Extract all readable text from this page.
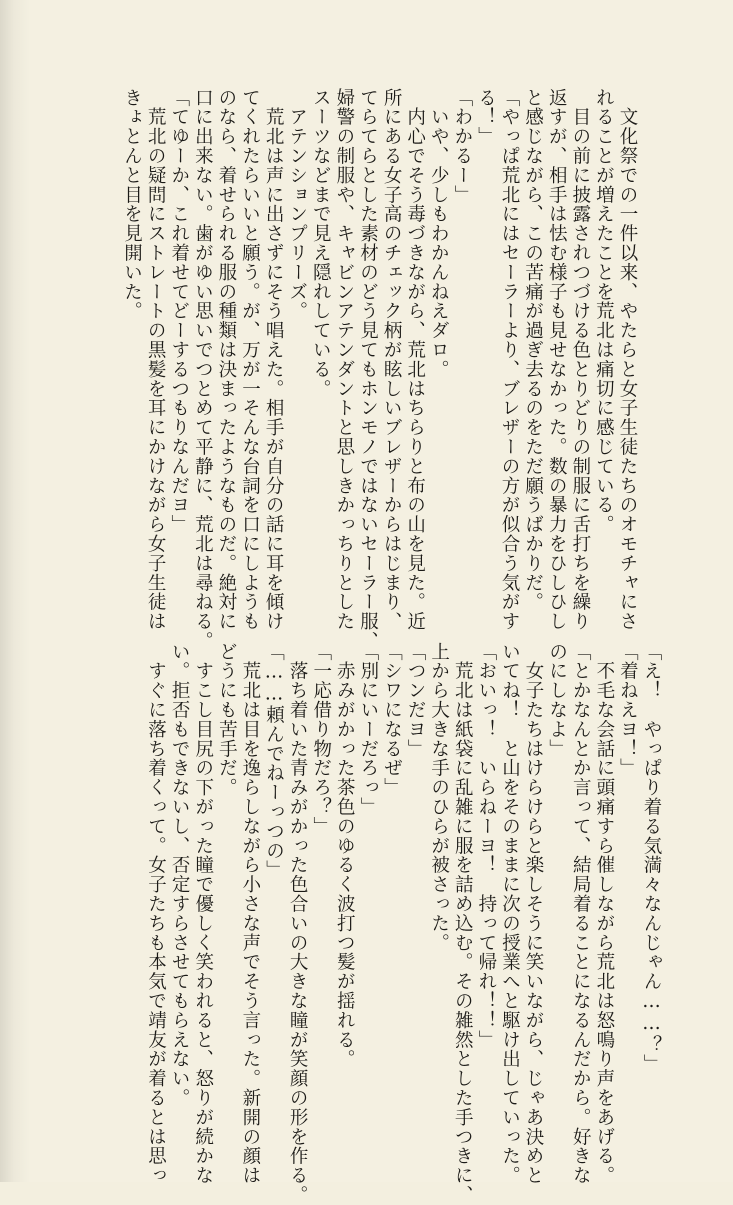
　文化祭での一件以来、やたらと女子生徒たちのオモチャにさ
れることが増えたことを荒北は痛切に感じている。
　目の前に披露されつづける色とりどりの制服に舌打ちを繰り
返すが、相手は怯む様子も見せなかった。数の暴力をひしひし
と感じながら、この苦痛が過ぎ去るのをただ願うばかりだ。
「やっぱ荒北にはセーラーより、ブレザーの方が似合う気がす
る！」
「わかるー」
　いや、少しもわかんねえダロ。
　内心でそう毒づきながら、荒北はちらりと布の山を見た。近
所にある女子高のチェック柄が眩しいブレザーからはじまり、
てらてらとした素材のどう見てもホンモノではないセーラー服、
婦警の制服や、キャビンアテンダントと思しきかっちりとした
スーツなどまで見え隠れしている。
　アテンションプリーズ。
　荒北は声に出さずにそう唱えた。相手が自分の話に耳を傾け
てくれたらいいと願う。が、万が一そんな台詞を口にしようも
のなら、着せられる服の種類は決まったようなものだ。絶対に
口に出来ない。歯がゆい思いでつとめて平静に、荒北は尋ねる。
「てゆーか、これ着せてどーするつもりなんだヨ」
　荒北の疑問にストレートの黒髪を耳にかけながら女子生徒は
きょとんと目を見開いた。
「え！　やっぱり着る気満々なんじゃん……？」
「着ねえヨ！」
　不毛な会話に頭痛すら催しながら荒北は怒鳴り声をあげる。
「とかなんとか言って、結局着ることになるんだから。好きな
のにしなよ」
　女子たちはけらけらと楽しそうに笑いながら、じゃあ決めと
いてね！　と山をそのままに次の授業へと駆け出していった。
「おいっ！　いらねーヨ！　持って帰れ！！」
　荒北は紙袋に乱雑に服を詰め込む。その雑然とした手つきに、
上から大きな手のひらが被さった。
「つンだヨ」
「シワになるぜ」
「別にいーだろっ」
　赤みがかった茶色のゆるく波打つ髪が揺れる。
「一応借り物だろ？」
　落ち着いた青みがかった色合いの大きな瞳が笑顔の形を作る。
「……頼んでねーっつの」
　荒北は目を逸らしながら小さな声でそう言った。新開の顔は
どうにも苦手だ。
　すこし目尻の下がった瞳で優しく笑われると、怒りが続かな
い。拒否もできないし、否定すらさせてもらえない。
　すぐに落ち着くって。女子たちも本気で靖友が着るとは思っ
